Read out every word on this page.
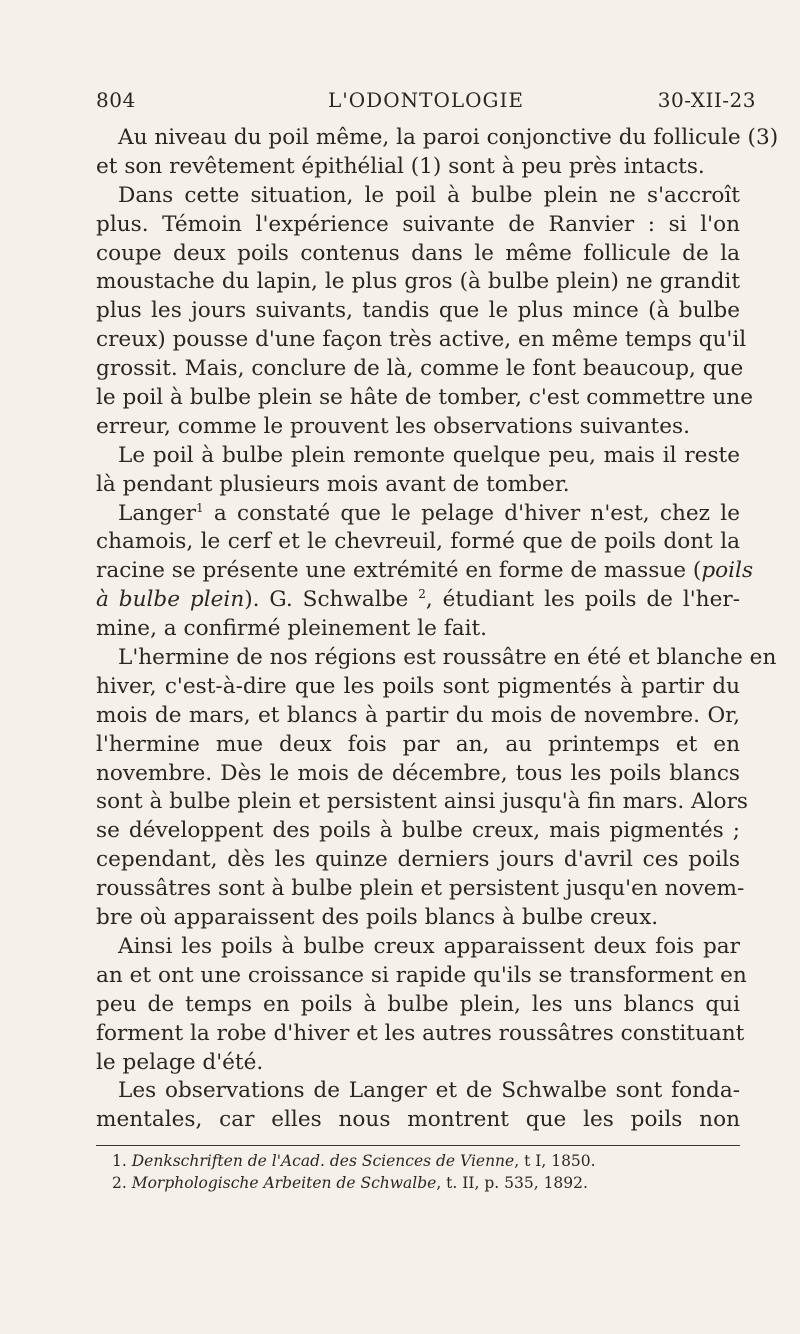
804	L'ODONTOLOGIE	30-XII-23
Au niveau du poil même, la paroi conjonctive du follicule (3)
et son revêtement épithélial (1) sont à peu près intacts.
Dans cette situation, le poil à bulbe plein ne s'accroît
plus. Témoin l'expérience suivante de Ranvier : si l'on
coupe deux poils contenus dans le même follicule de la
moustache du lapin, le plus gros (à bulbe plein) ne grandit
plus les jours suivants, tandis que le plus mince (à bulbe
creux) pousse d'une façon très active, en même temps qu'il
grossit. Mais, conclure de là, comme le font beaucoup, que
le poil à bulbe plein se hâte de tomber, c'est commettre une
erreur, comme le prouvent les observations suivantes.
Le poil à bulbe plein remonte quelque peu, mais il reste
là pendant plusieurs mois avant de tomber.
Langer$^1$ a constaté que le pelage d'hiver n'est, chez le
chamois, le cerf et le chevreuil, formé que de poils dont la
racine se présente une extrémité en forme de massue (poils
à bulbe plein). G. Schwalbe $^2$, étudiant les poils de l'her-
mine, a confirmé pleinement le fait.
L'hermine de nos régions est roussâtre en été et blanche en
hiver, c'est-à-dire que les poils sont pigmentés à partir du
mois de mars, et blancs à partir du mois de novembre. Or,
l'hermine mue deux fois par an, au printemps et en
novembre. Dès le mois de décembre, tous les poils blancs
sont à bulbe plein et persistent ainsi jusqu'à fin mars. Alors
se développent des poils à bulbe creux, mais pigmentés ;
cependant, dès les quinze derniers jours d'avril ces poils
roussâtres sont à bulbe plein et persistent jusqu'en novem-
bre où apparaissent des poils blancs à bulbe creux.
Ainsi les poils à bulbe creux apparaissent deux fois par
an et ont une croissance si rapide qu'ils se transforment en
peu de temps en poils à bulbe plein, les uns blancs qui
forment la robe d'hiver et les autres roussâtres constituant
le pelage d'été.
Les observations de Langer et de Schwalbe sont fonda-
mentales, car elles nous montrent que les poils non
1. Denkschriften de l'Acad. des Sciences de Vienne, t I, 1850.
2. Morphologische Arbeiten de Schwalbe, t. II, p. 535, 1892.
